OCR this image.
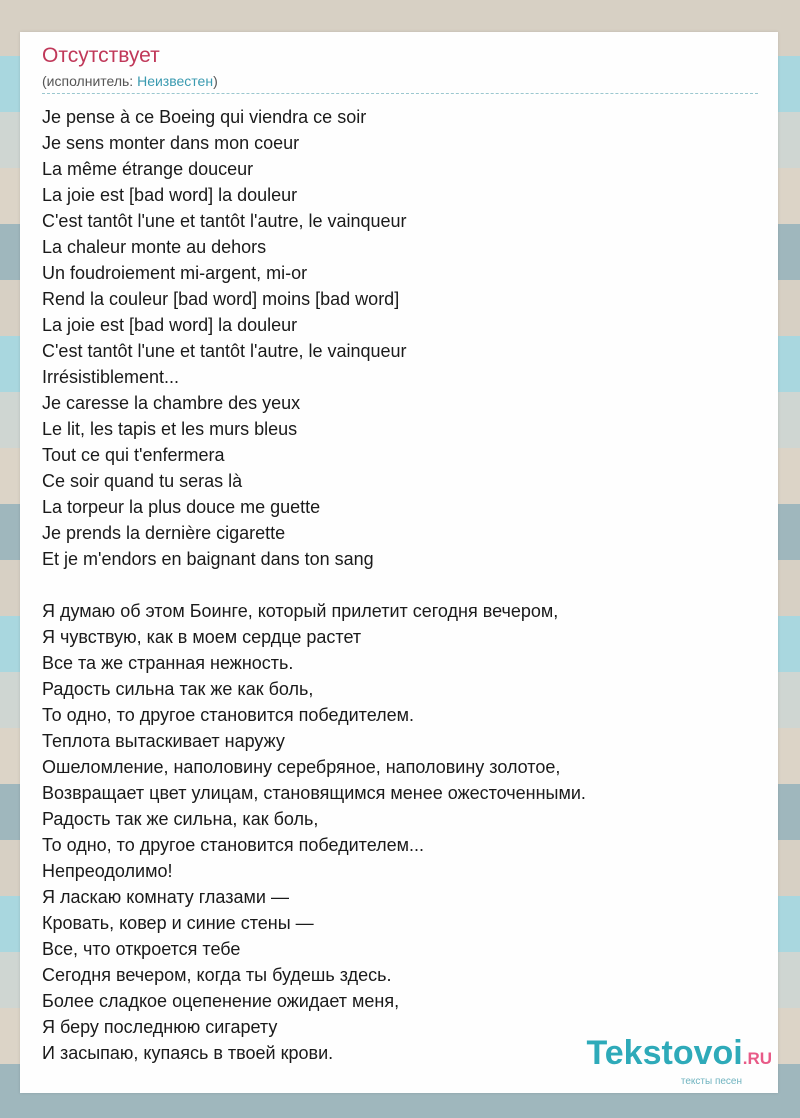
Отсутствует
(исполнитель: Неизвестен)
Je pense à ce Boeing qui viendra ce soir
Je sens monter dans mon coeur
La même étrange douceur
La joie est [bad word] la douleur
C'est tantôt l'une et tantôt l'autre, le vainqueur
La chaleur monte au dehors
Un foudroiement mi-argent, mi-or
Rend la couleur [bad word] moins [bad word]
La joie est [bad word] la douleur
C'est tantôt l'une et tantôt l'autre, le vainqueur
Irrésistiblement...
Je caresse la chambre des yeux
Le lit, les tapis et les murs bleus
Tout ce qui t'enfermera
Ce soir quand tu seras là
La torpeur la plus douce me guette
Je prends la dernière cigarette
Et je m'endors en baignant dans ton sang
Я думаю об этом Боинге, который прилетит сегодня вечером,
Я чувствую, как в моем сердце растет
Все та же странная нежность.
Радость сильна так же как боль,
То одно, то другое становится победителем.
Теплота вытаскивает наружу
Ошеломление, наполовину серебряное, наполовину золотое,
Возвращает цвет улицам, становящимся менее ожесточенными.
Радость так же сильна, как боль,
То одно, то другое становится победителем...
Непреодолимо!
Я ласкаю комнату глазами —
Кровать, ковер и синие стены —
Все, что откроется тебе
Сегодня вечером, когда ты будешь здесь.
Более сладкое оцепенение ожидает меня,
Я беру последнюю сигарету
И засыпаю, купаясь в твоей крови.	Tekstovoi.RU
тексты песен
